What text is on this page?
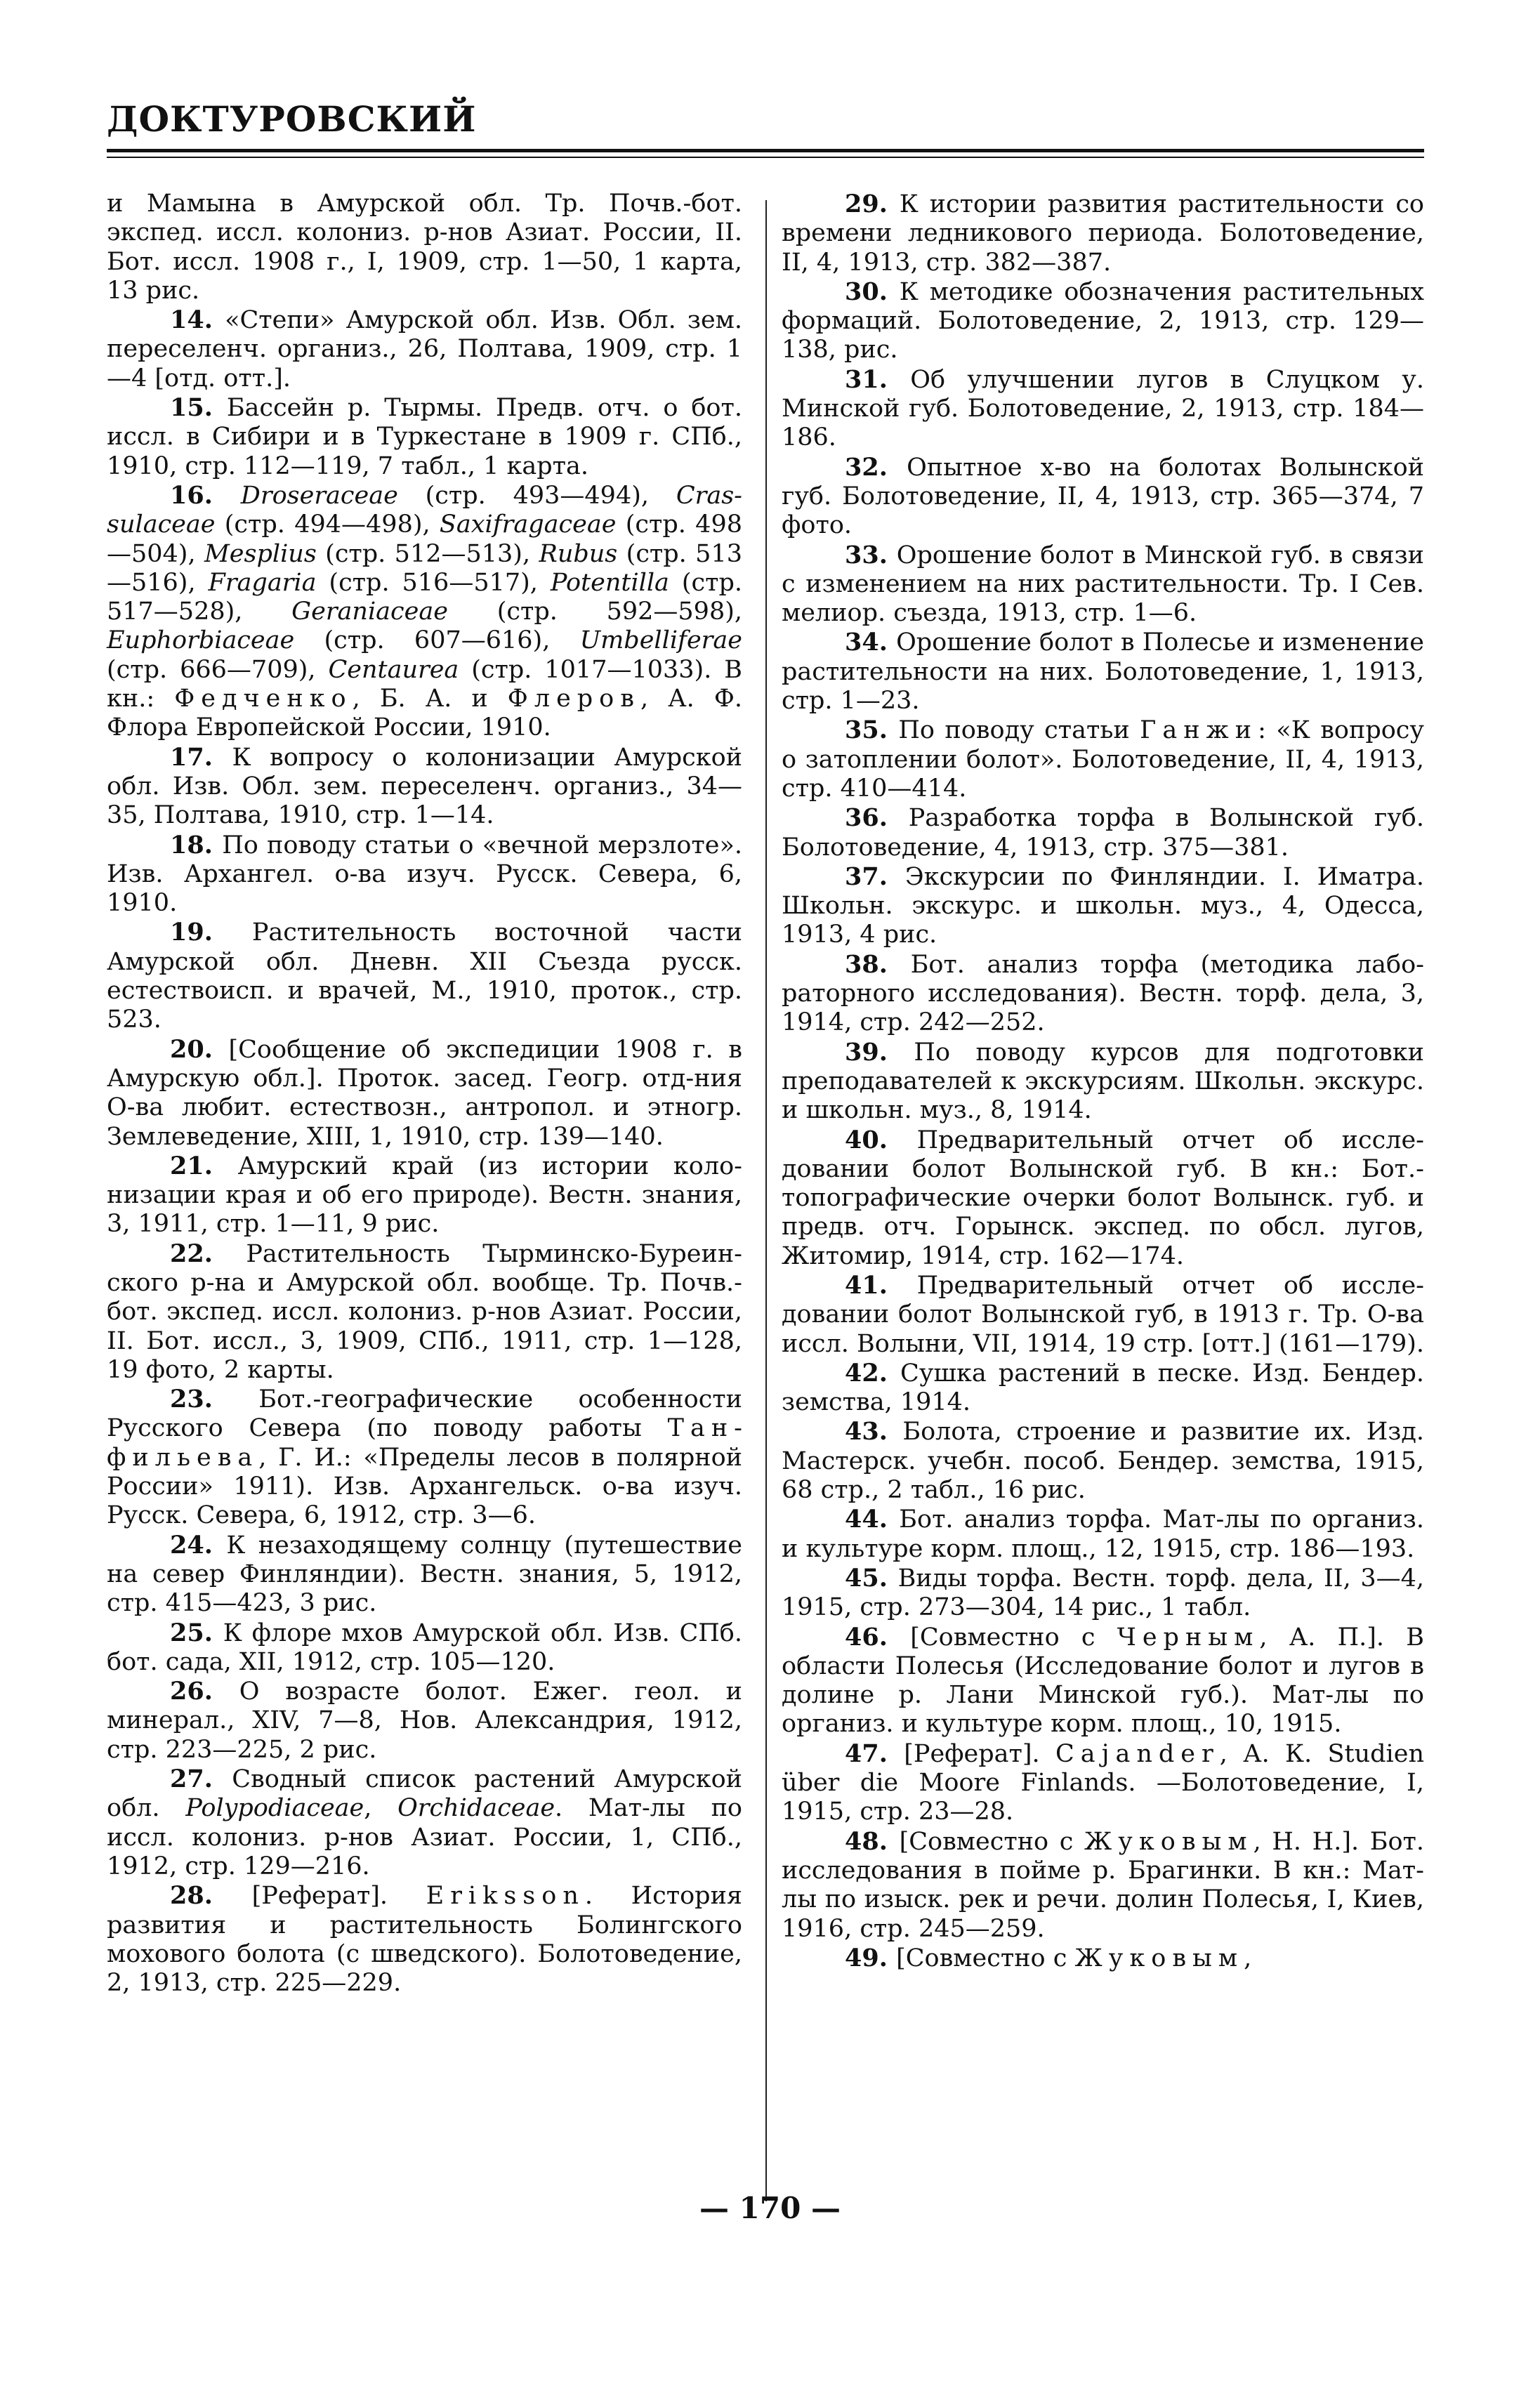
ДОКТУРОВСКИЙ

и Мамына в Амурской обл. Тр. Почв.-бот. экспед. иссл. колониз. р-нов Азиат. России, II. Бот. иссл. 1908 г., I, 1909, стр. 1—50, 1 карта, 13 рис.

14. «Степи» Амурской обл. Изв. Обл. зем. переселенч. организ., 26, Полтава, 1909, стр. 1—4 [отд. отт.].

15. Бассейн р. Тырмы. Предв. отч. о бот. иссл. в Сибири и в Туркестане в 1909 г. СПб., 1910, стр. 112—119, 7 табл., 1 карта.

16. Droseraceae (стр. 493—494), Crassulaceae (стр. 494—498), Saxifragaceae (стр. 498—504), Mesplius (стр. 512—513), Rubus (стр. 513—516), Fragaria (стр. 516—517), Potentilla (стр. 517—528), Geraniaceae (стр. 592—598), Euphorbiaceae (стр. 607—616), Umbelliferae (стр. 666—709), Centaurea (стр. 1017—1033). В кн.: Федченко, Б. А. и Флеров, А. Ф. Флора Европейской России, 1910.

17. К вопросу о колонизации Амурской обл. Изв. Обл. зем. переселенч. организ., 34—35, Полтава, 1910, стр. 1—14.

18. По поводу статьи о «вечной мерзлоте». Изв. Архангел. о-ва изуч. Русск. Севера, 6, 1910.

19. Растительность восточной части Амурской обл. Дневн. XII Съезда русск. естествоисп. и врачей, М., 1910, проток., стр. 523.

20. [Сообщение об экспедиции 1908 г. в Амурскую обл.]. Проток. засед. Геогр. отд-ния О-ва любит. естествозн., антропол. и этногр. Землеведение, XIII, 1, 1910, стр. 139—140.

21. Амурский край (из истории колонизации края и об его природе). Вестн. знания, 3, 1911, стр. 1—11, 9 рис.

22. Растительность Тырминско-Буреинского р-на и Амурской обл. вообще. Тр. Почв.-бот. экспед. иссл. колониз. р-нов Азиат. России, II. Бот. иссл., 3, 1909, СПб., 1911, стр. 1—128, 19 фото, 2 карты.

23. Бот.-географические особенности Русского Севера (по поводу работы Танфильева, Г. И.: «Пределы лесов в полярной России» 1911). Изв. Архангельск. о-ва изуч. Русск. Севера, 6, 1912, стр. 3—6.

24. К незаходящему солнцу (путешествие на север Финляндии). Вестн. знания, 5, 1912, стр. 415—423, 3 рис.

25. К флоре мхов Амурской обл. Изв. СПб. бот. сада, XII, 1912, стр. 105—120.

26. О возрасте болот. Ежег. геол. и минерал., XIV, 7—8, Нов. Александрия, 1912, стр. 223—225, 2 рис.

27. Сводный список растений Амурской обл. Polypodiaceae, Orchidaceae. Мат-лы по иссл. колониз. р-нов Азиат. России, 1, СПб., 1912, стр. 129—216.

28. [Реферат]. Eriksson. История развития и растительность Болингского мохового болота (с шведского). Болотоведение, 2, 1913, стр. 225—229.

29. К истории развития растительности со времени ледникового периода. Болотоведение, II, 4, 1913, стр. 382—387.

30. К методике обозначения растительных формаций. Болотоведение, 2, 1913, стр. 129—138, рис.

31. Об улучшении лугов в Слуцком у. Минской губ. Болотоведение, 2, 1913, стр. 184—186.

32. Опытное х-во на болотах Волынской губ. Болотоведение, II, 4, 1913, стр. 365—374, 7 фото.

33. Орошение болот в Минской губ. в связи с изменением на них растительности. Тр. I Сев. мелиор. съезда, 1913, стр. 1—6.

34. Орошение болот в Полесье и изменение растительности на них. Болотоведение, 1, 1913, стр. 1—23.

35. По поводу статьи Ганжи: «К вопросу о затоплении болот». Болотоведение, II, 4, 1913, стр. 410—414.

36. Разработка торфа в Волынской губ. Болотоведение, 4, 1913, стр. 375—381.

37. Экскурсии по Финляндии. I. Иматра. Школьн. экскурс. и школьн. муз., 4, Одесса, 1913, 4 рис.

38. Бот. анализ торфа (методика лабораторного исследования). Вестн. торф. дела, 3, 1914, стр. 242—252.

39. По поводу курсов для подготовки преподавателей к экскурсиям. Школьн. экскурс. и школьн. муз., 8, 1914.

40. Предварительный отчет об исследовании болот Волынской губ. В кн.: Бот.-топографические очерки болот Волынск. губ. и предв. отч. Горынск. экспед. по обсл. лугов, Житомир, 1914, стр. 162—174.

41. Предварительный отчет об исследовании болот Волынской губ, в 1913 г. Тр. О-ва иссл. Волыни, VII, 1914, 19 стр. [отт.] (161—179).

42. Сушка растений в песке. Изд. Бендер. земства, 1914.

43. Болота, строение и развитие их. Изд. Мастерск. учебн. пособ. Бендер. земства, 1915, 68 стр., 2 табл., 16 рис.

44. Бот. анализ торфа. Мат-лы по организ. и культуре корм. площ., 12, 1915, стр. 186—193.

45. Виды торфа. Вестн. торф. дела, II, 3—4, 1915, стр. 273—304, 14 рис., 1 табл.

46. [Совместно с Черным, А. П.]. В области Полесья (Исследование болот и лугов в долине р. Лани Минской губ.). Мат-лы по организ. и культуре корм. площ., 10, 1915.

47. [Реферат]. Cajander, А. К. Studien über die Moore Finlands. —Болотоведение, I, 1915, стр. 23—28.

48. [Совместно с Жуковым, Н. Н.]. Бот. исследования в пойме р. Брагинки. В кн.: Мат-лы по изыск. рек и речи. долин Полесья, I, Киев, 1916, стр. 245—259.

49. [Совместно с Жуковым,

— 170 —
